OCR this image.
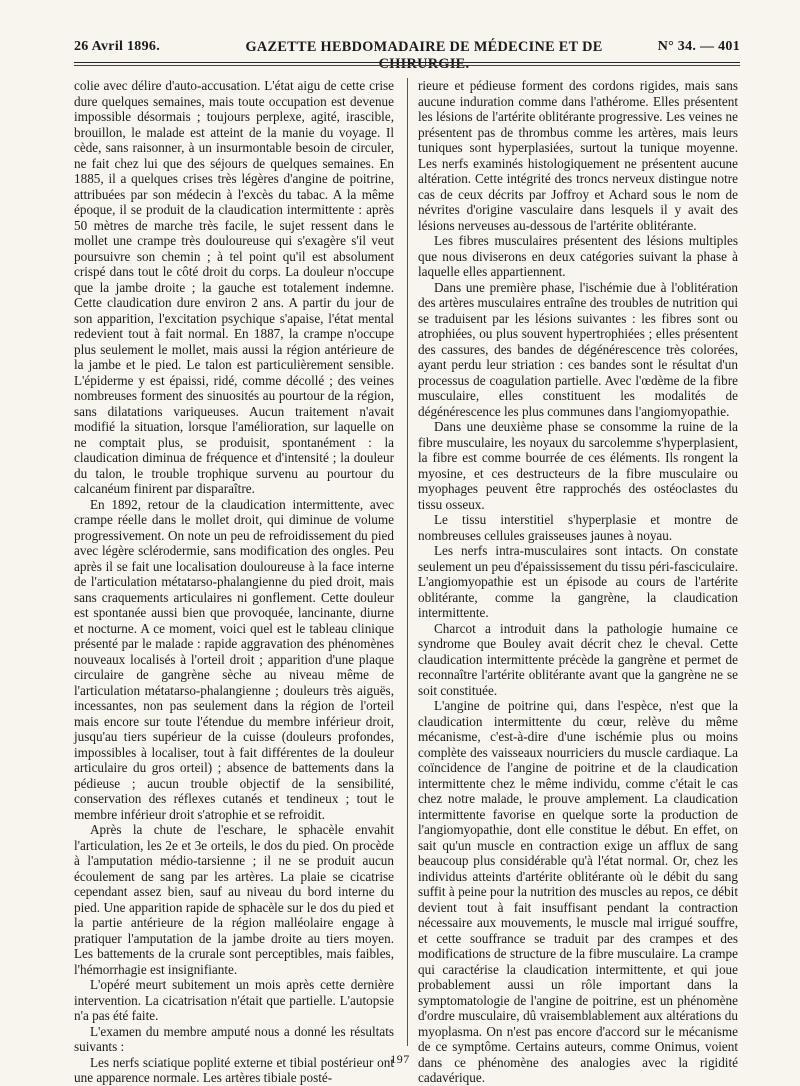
26 Avril 1896.	GAZETTE HEBDOMADAIRE DE MÉDECINE ET DE CHIRURGIE.
N° 34. — 401

colie avec délire d'auto-accusation. L'état aigu de cette crise dure quelques semaines, mais toute occupation est devenue impossible désormais ; toujours perplexe, agité, irascible, brouillon, le malade est atteint de la manie du voyage. Il cède, sans raisonner, à un insurmontable besoin de circuler, ne fait chez lui que des séjours de quelques semaines. En 1885, il a quelques crises très légères d'angine de poitrine, attribuées par son médecin à l'excès du tabac. A la même époque, il se produit de la claudication intermittente : après 50 mètres de marche très facile, le sujet ressent dans le mollet une crampe très douloureuse qui s'exagère s'il veut poursuivre son chemin ; à tel point qu'il est absolument crispé dans tout le côté droit du corps. La douleur n'occupe que la jambe droite ; la gauche est totalement indemne. Cette claudication dure environ 2 ans. A partir du jour de son apparition, l'excitation psychique s'apaise, l'état mental redevient tout à fait normal. En 1887, la crampe n'occupe plus seulement le mollet, mais aussi la région antérieure de la jambe et le pied. Le talon est particulièrement sensible. L'épiderme y est épaissi, ridé, comme décollé ; des veines nombreuses forment des sinuosités au pourtour de la région, sans dilatations variqueuses. Aucun traitement n'avait modifié la situation, lorsque l'amélioration, sur laquelle on ne comptait plus, se produisit, spontanément : la claudication diminua de fréquence et d'intensité ; la douleur du talon, le trouble trophique survenu au pourtour du calcanéum finirent par disparaître.

En 1892, retour de la claudication intermittente, avec crampe réelle dans le mollet droit, qui diminue de volume progressivement. On note un peu de refroidissement du pied avec légère sclérodermie, sans modification des ongles. Peu après il se fait une localisation douloureuse à la face interne de l'articulation métatarso-phalangienne du pied droit, mais sans craquements articulaires ni gonflement. Cette douleur est spontanée aussi bien que provoquée, lancinante, diurne et nocturne. A ce moment, voici quel est le tableau clinique présenté par le malade : rapide aggravation des phénomènes nouveaux localisés à l'orteil droit ; apparition d'une plaque circulaire de gangrène sèche au niveau même de l'articulation métatarso-phalangienne ; douleurs très aiguës, incessantes, non pas seulement dans la région de l'orteil mais encore sur toute l'étendue du membre inférieur droit, jusqu'au tiers supérieur de la cuisse (douleurs profondes, impossibles à localiser, tout à fait différentes de la douleur articulaire du gros orteil) ; absence de battements dans la pédieuse ; aucun trouble objectif de la sensibilité, conservation des réflexes cutanés et tendineux ; tout le membre inférieur droit s'atrophie et se refroidit.

Après la chute de l'eschare, le sphacèle envahit l'articulation, les 2e et 3e orteils, le dos du pied. On procède à l'amputation médio-tarsienne ; il ne se produit aucun écoulement de sang par les artères. La plaie se cicatrise cependant assez bien, sauf au niveau du bord interne du pied. Une apparition rapide de sphacèle sur le dos du pied et la partie antérieure de la région malléolaire engage à pratiquer l'amputation de la jambe droite au tiers moyen. Les battements de la crurale sont perceptibles, mais faibles, l'hémorrhagie est insignifiante.

L'opéré meurt subitement un mois après cette dernière intervention. La cicatrisation n'était que partielle. L'autopsie n'a pas été faite.

L'examen du membre amputé nous a donné les résultats suivants :

Les nerfs sciatique poplité externe et tibial postérieur ont une apparence normale. Les artères tibiale posté-

rieure et pédieuse forment des cordons rigides, mais sans aucune induration comme dans l'athérome. Elles présentent les lésions de l'artérite oblitérante progressive. Les veines ne présentent pas de thrombus comme les artères, mais leurs tuniques sont hyperplasiées, surtout la tunique moyenne. Les nerfs examinés histologiquement ne présentent aucune altération. Cette intégrité des troncs nerveux distingue notre cas de ceux décrits par Joffroy et Achard sous le nom de névrites d'origine vasculaire dans lesquels il y avait des lésions nerveuses au-dessous de l'artérite oblitérante.

Les fibres musculaires présentent des lésions multiples que nous diviserons en deux catégories suivant la phase à laquelle elles appartiennent.

Dans une première phase, l'ischémie due à l'oblitération des artères musculaires entraîne des troubles de nutrition qui se traduisent par les lésions suivantes : les fibres sont ou atrophiées, ou plus souvent hypertrophiées ; elles présentent des cassures, des bandes de dégénérescence très colorées, ayant perdu leur striation : ces bandes sont le résultat d'un processus de coagulation partielle. Avec l'œdème de la fibre musculaire, elles constituent les modalités de dégénérescence les plus communes dans l'angiomyopathie.

Dans une deuxième phase se consomme la ruine de la fibre musculaire, les noyaux du sarcolemme s'hyperplasient, la fibre est comme bourrée de ces éléments. Ils rongent la myosine, et ces destructeurs de la fibre musculaire ou myophages peuvent être rapprochés des ostéoclastes du tissu osseux.

Le tissu interstitiel s'hyperplasie et montre de nombreuses cellules graisseuses jaunes à noyau.

Les nerfs intra-musculaires sont intacts. On constate seulement un peu d'épaississement du tissu péri-fasciculaire. L'angiomyopathie est un épisode au cours de l'artérite oblitérante, comme la gangrène, la claudication intermittente.

Charcot a introduit dans la pathologie humaine ce syndrome que Bouley avait décrit chez le cheval. Cette claudication intermittente précède la gangrène et permet de reconnaître l'artérite oblitérante avant que la gangrène ne se soit constituée.

L'angine de poitrine qui, dans l'espèce, n'est que la claudication intermittente du cœur, relève du même mécanisme, c'est-à-dire d'une ischémie plus ou moins complète des vaisseaux nourriciers du muscle cardiaque. La coïncidence de l'angine de poitrine et de la claudication intermittente chez le même individu, comme c'était le cas chez notre malade, le prouve amplement. La claudication intermittente favorise en quelque sorte la production de l'angiomyopathie, dont elle constitue le début. En effet, on sait qu'un muscle en contraction exige un afflux de sang beaucoup plus considérable qu'à l'état normal. Or, chez les individus atteints d'artérite oblitérante où le débit du sang suffit à peine pour la nutrition des muscles au repos, ce débit devient tout à fait insuffisant pendant la contraction nécessaire aux mouvements, le muscle mal irrigué souffre, et cette souffrance se traduit par des crampes et des modifications de structure de la fibre musculaire. La crampe qui caractérise la claudication intermittente, et qui joue probablement aussi un rôle important dans la symptomatologie de l'angine de poitrine, est un phénomène d'ordre musculaire, dû vraisemblablement aux altérations du myoplasma. On n'est pas encore d'accord sur le mécanisme de ce symptôme. Certains auteurs, comme Onimus, voient dans ce phénomène des analogies avec la rigidité cadavérique.

197
